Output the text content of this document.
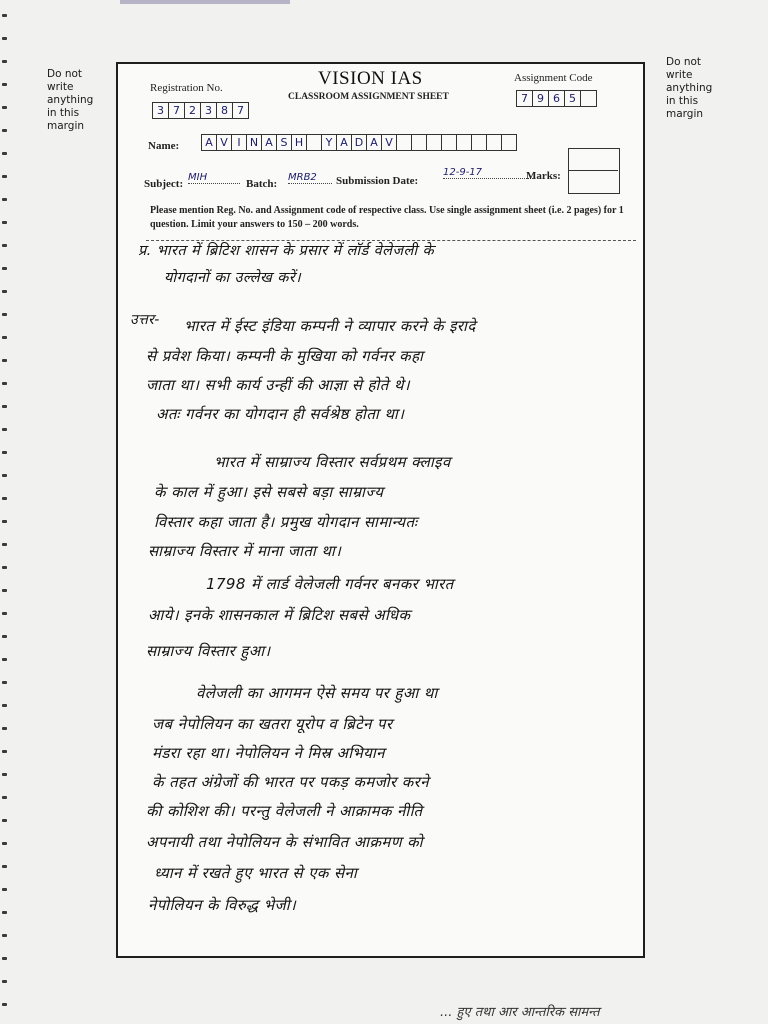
Do not
write
anything
in this
margin
Do not
write
anything
in this
margin
Registration No.
3 7 2 3 8 7
VISION IAS
CLASSROOM ASSIGNMENT SHEET
Assignment Code
7 9 6 5
Name:	A V I N A S H	Y A D A V
Subject:
MIH
Batch:
MRB2	Submission Date:
12-9-17	Marks:
Please mention Reg. No. and Assignment code of respective class. Use single assignment sheet (i.e. 2 pages) for 1 question. Limit your answers to 150 – 200 words.
प्र. भारत में ब्रिटिश शासन के प्रसार में लॉर्ड वेलेजली के
योगदानों का उल्लेख करें।
उत्तर- भारत में ईस्ट इंडिया कम्पनी ने व्यापार करने के इरादे
से प्रवेश किया। कम्पनी के मुखिया को गर्वनर कहा
जाता था। सभी कार्य उन्हीं की आज्ञा से होते थे।
अतः गर्वनर का योगदान ही सर्वश्रेष्ठ होता था।
भारत में साम्राज्य विस्तार सर्वप्रथम क्लाइव
के काल में हुआ। इसे सबसे बड़ा साम्राज्य
विस्तार कहा जाता है। प्रमुख योगदान सामान्यतः
साम्राज्य विस्तार में माना जाता था।
1798 में लार्ड वेलेजली गर्वनर बनकर भारत
आये। इनके शासनकाल में ब्रिटिश सबसे अधिक
साम्राज्य विस्तार हुआ।
वेलेजली का आगमन ऐसे समय पर हुआ था
जब नेपोलियन का खतरा यूरोप व ब्रिटेन पर
मंडरा रहा था। नेपोलियन ने मिस्र अभियान
के तहत अंग्रेजों की भारत पर पकड़ कमजोर करने
की कोशिश की। परन्तु वेलेजली ने आक्रामक नीति
अपनायी तथा नेपोलियन के संभावित आक्रमण को
ध्यान में रखते हुए भारत से एक सेना
नेपोलियन के विरुद्ध भेजी।
... हुए तथा आर आन्तरिक सामन्त
